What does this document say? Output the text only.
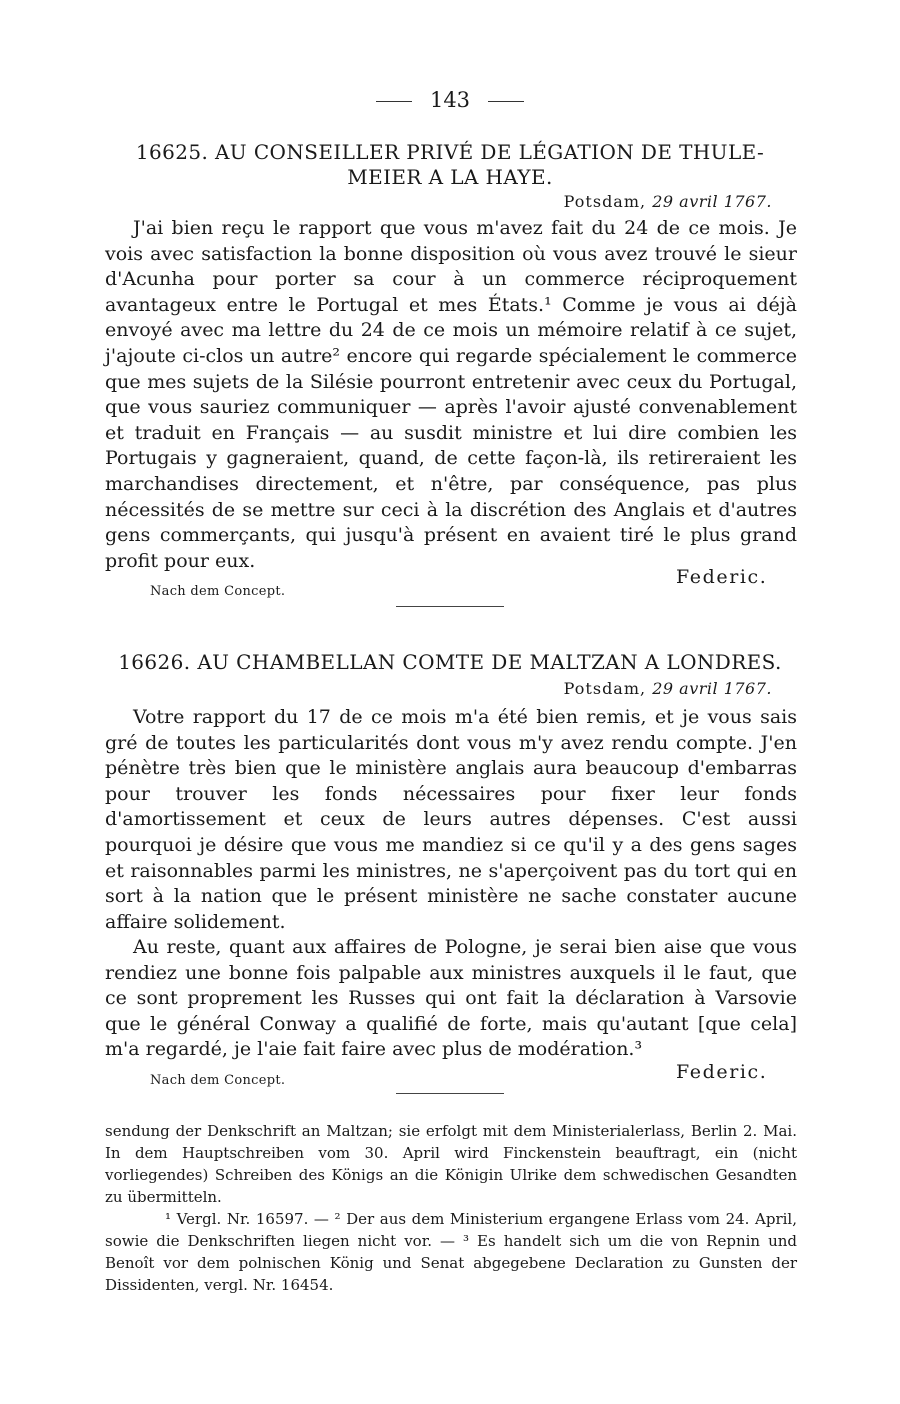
143
16625. AU CONSEILLER PRIVÉ DE LÉGATION DE THULE-
MEIER A LA HAYE.
Potsdam, 29 avril 1767.

J'ai bien reçu le rapport que vous m'avez fait du 24 de ce mois. Je vois avec satisfaction la bonne disposition où vous avez trouvé le sieur d'Acunha pour porter sa cour à un commerce réciproquement avantageux entre le Portugal et mes États.¹ Comme je vous ai déjà envoyé avec ma lettre du 24 de ce mois un mémoire relatif à ce sujet, j'ajoute ci-clos un autre² encore qui regarde spécialement le commerce que mes sujets de la Silésie pourront entretenir avec ceux du Portugal, que vous sauriez communiquer — après l'avoir ajusté convenablement et traduit en Français — au susdit ministre et lui dire combien les Portugais y gagneraient, quand, de cette façon-là, ils retireraient les marchandises directement, et n'être, par conséquence, pas plus nécessités de se mettre sur ceci à la discrétion des Anglais et d'autres gens commerçants, qui jusqu'à présent en avaient tiré le plus grand profit pour eux.

Federic.
Nach dem Concept.
16626. AU CHAMBELLAN COMTE DE MALTZAN A LONDRES.
Potsdam, 29 avril 1767.

Votre rapport du 17 de ce mois m'a été bien remis, et je vous sais gré de toutes les particularités dont vous m'y avez rendu compte. J'en pénètre très bien que le ministère anglais aura beaucoup d'embarras pour trouver les fonds nécessaires pour fixer leur fonds d'amortissement et ceux de leurs autres dépenses. C'est aussi pourquoi je désire que vous me mandiez si ce qu'il y a des gens sages et raisonnables parmi les ministres, ne s'aperçoivent pas du tort qui en sort à la nation que le présent ministère ne sache constater aucune affaire solidement.

Au reste, quant aux affaires de Pologne, je serai bien aise que vous rendiez une bonne fois palpable aux ministres auxquels il le faut, que ce sont proprement les Russes qui ont fait la déclaration à Varsovie que le général Conway a qualifié de forte, mais qu'autant [que cela] m'a regardé, je l'aie fait faire avec plus de modération.³

Federic.
Nach dem Concept.

sendung der Denkschrift an Maltzan; sie erfolgt mit dem Ministerialerlass, Berlin 2. Mai. In dem Hauptschreiben vom 30. April wird Finckenstein beauftragt, ein (nicht vorliegendes) Schreiben des Königs an die Königin Ulrike dem schwedischen Gesandten zu übermitteln.

¹ Vergl. Nr. 16597. — ² Der aus dem Ministerium ergangene Erlass vom 24. April, sowie die Denkschriften liegen nicht vor. — ³ Es handelt sich um die von Repnin und Benoît vor dem polnischen König und Senat abgegebene Declaration zu Gunsten der Dissidenten, vergl. Nr. 16454.
